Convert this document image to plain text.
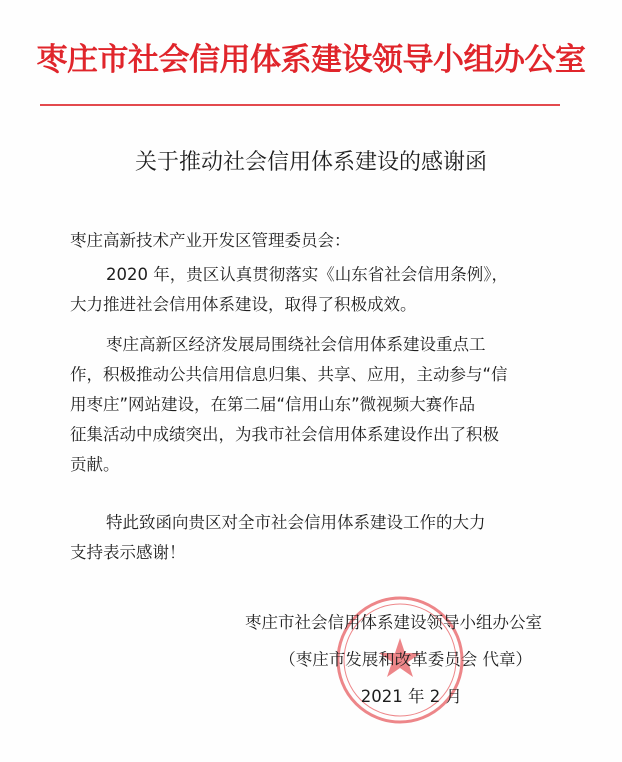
枣庄市社会信用体系建设领导小组办公室
关于推动社会信用体系建设的感谢函
枣庄高新技术产业开发区管理委员会：
2020 年，贵区认真贯彻落实《山东省社会信用条例》，
大力推进社会信用体系建设，取得了积极成效。
枣庄高新区经济发展局围绕社会信用体系建设重点工
作，积极推动公共信用信息归集、共享、应用，主动参与“信
用枣庄”网站建设，在第二届“信用山东”微视频大赛作品
征集活动中成绩突出，为我市社会信用体系建设作出了积极
贡献。
特此致函向贵区对全市社会信用体系建设工作的大力
支持表示感谢！
枣庄市社会信用体系建设领导小组办公室
（枣庄市发展和改革委员会 代章）
2021 年 2 月
